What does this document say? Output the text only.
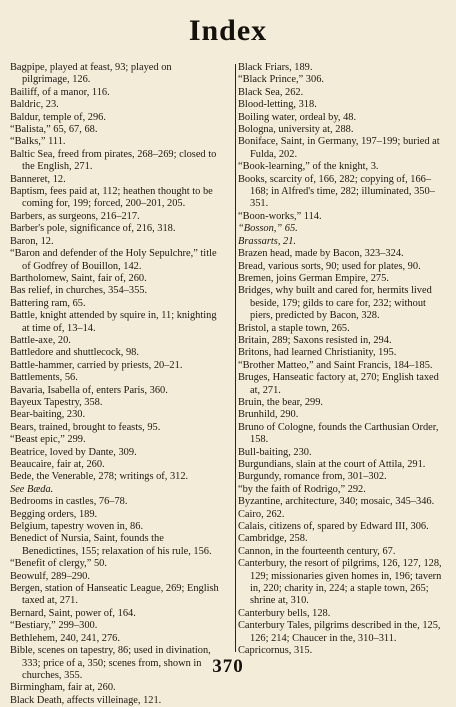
Index

Bagpipe, played at feast, 93; played on pilgrimage, 126.

Bailiff, of a manor, 116.

Baldric, 23.

Baldur, temple of, 296.

“Balista,” 65, 67, 68.

“Balks,” 111.

Baltic Sea, freed from pirates, 268–269; closed to the English, 271.

Banneret, 12.

Baptism, fees paid at, 112; heathen thought to be coming for, 199; forced, 200–201, 205.

Barbers, as surgeons, 216–217.

Barber's pole, significance of, 216, 318.

Baron, 12.

“Baron and defender of the Holy Sepulchre,” title of Godfrey of Bouillon, 142.

Bartholomew, Saint, fair of, 260.

Bas relief, in churches, 354–355.

Battering ram, 65.

Battle, knight attended by squire in, 11; knighting at time of, 13–14.

Battle-axe, 20.

Battledore and shuttlecock, 98.

Battle-hammer, carried by priests, 20–21.

Battlements, 56.

Bavaria, Isabella of, enters Paris, 360.

Bayeux Tapestry, 358.

Bear-baiting, 230.

Bears, trained, brought to feasts, 95.

“Beast epic,” 299.

Beatrice, loved by Dante, 309.

Beaucaire, fair at, 260.

Bede, the Venerable, 278; writings of, 312.

See Bæda.

Bedrooms in castles, 76–78.

Begging orders, 189.

Belgium, tapestry woven in, 86.

Benedict of Nursia, Saint, founds the Benedictines, 155; relaxation of his rule, 156.

“Benefit of clergy,” 50.

Beowulf, 289–290.

Bergen, station of Hanseatic League, 269; English taxed at, 271.

Bernard, Saint, power of, 164.

“Bestiary,” 299–300.

Bethlehem, 240, 241, 276.

Bible, scenes on tapestry, 86; used in divination, 333; price of a, 350; scenes from, shown in churches, 355.

Birmingham, fair at, 260.

Black Death, affects villeinage, 121.

Black Friars, 189.

“Black Prince,” 306.

Black Sea, 262.

Blood-letting, 318.

Boiling water, ordeal by, 48.

Bologna, university at, 288.

Boniface, Saint, in Germany, 197–199; buried at Fulda, 202.

“Book-learning,” of the knight, 3.

Books, scarcity of, 166, 282; copying of, 166–168; in Alfred's time, 282; illuminated, 350–351.

“Boon-works,” 114.

“Bosson,” 65.

Brassarts, 21.

Brazen head, made by Bacon, 323–324.

Bread, various sorts, 90; used for plates, 90.

Bremen, joins German Empire, 275.

Bridges, why built and cared for, hermits lived beside, 179; gilds to care for, 232; without piers, predicted by Bacon, 328.

Bristol, a staple town, 265.

Britain, 289; Saxons resisted in, 294.

Britons, had learned Christianity, 195.

“Brother Matteo,” and Saint Francis, 184–185.

Bruges, Hanseatic factory at, 270; English taxed at, 271.

Bruin, the bear, 299.

Brunhild, 290.

Bruno of Cologne, founds the Carthusian Order, 158.

Bull-baiting, 230.

Burgundians, slain at the court of Attila, 291.

Burgundy, romance from, 301–302.

“by the faith of Rodrigo,” 292.

Byzantine, architecture, 340; mosaic, 345–346.

Cairo, 262.

Calais, citizens of, spared by Edward III, 306.

Cambridge, 258.

Cannon, in the fourteenth century, 67.

Canterbury, the resort of pilgrims, 126, 127, 128, 129; missionaries given homes in, 196; tavern in, 220; charity in, 224; a staple town, 265; shrine at, 310.

Canterbury bells, 128.

Canterbury Tales, pilgrims described in the, 125, 126; 214; Chaucer in the, 310–311.

Capricornus, 315.

370
